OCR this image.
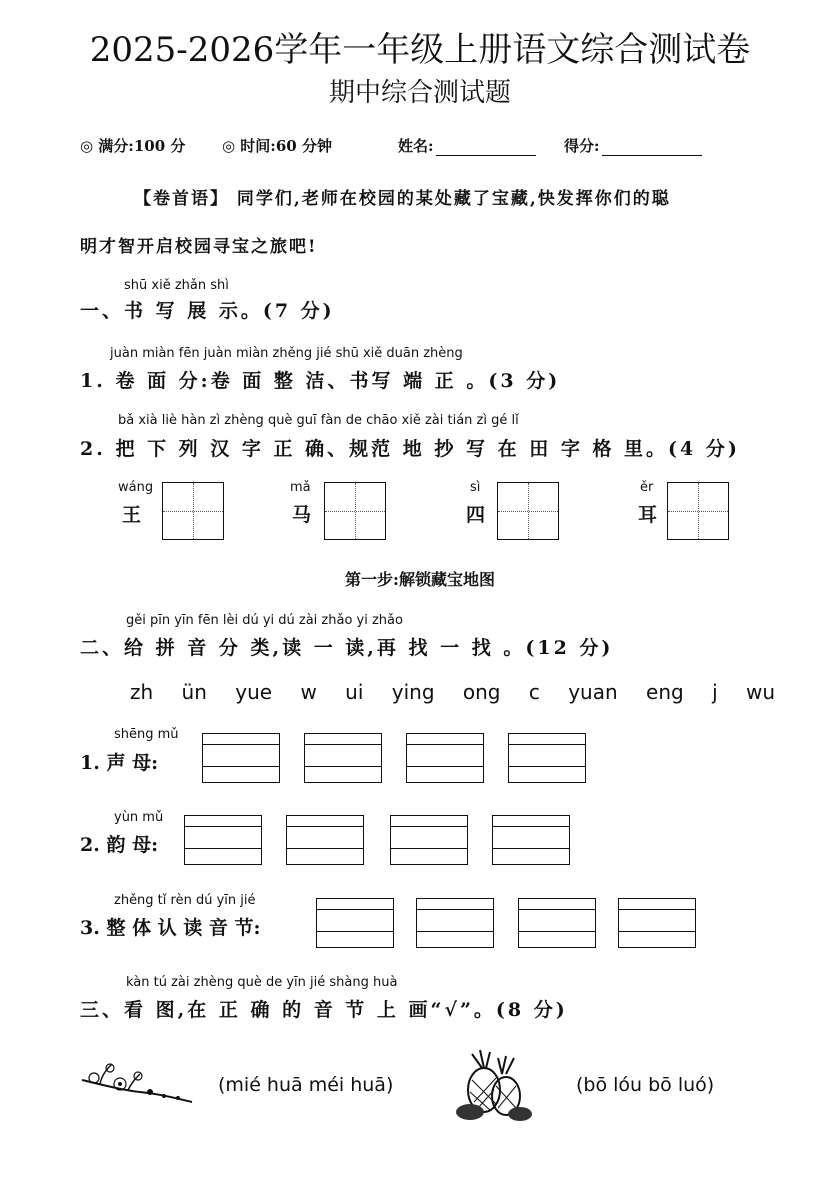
2025-2026学年一年级上册语文综合测试卷
期中综合测试题
◎ 满分:100 分 ◎ 时间:60 分钟	姓名:	得分:
【卷首语】 同学们,老师在校园的某处藏了宝藏,快发挥你们的聪
明才智开启校园寻宝之旅吧!
shū xiě zhǎn shì
一、书 写 展 示。(7 分)
juàn miàn fēn juàn miàn zhěng jié shū xiě duān zhèng
1. 卷 面 分:卷 面 整 洁、书写 端 正 。(3 分)
bǎ xià liè hàn zì zhèng què guī fàn de chāo xiě zài tián zì gé lǐ
2. 把 下 列 汉 字 正 确、规范 地 抄 写 在 田 字 格 里。(4 分)
wáng
王
mǎ
马
sì
四
ěr
耳
第一步:解锁藏宝地图
gěi pīn yīn fēn lèi dú yi dú zài zhǎo yi zhǎo
二、给 拼 音 分 类,读 一 读,再 找 一 找 。(12 分)
zh ün yue w ui ying ong c yuan eng j wu
shēng mǔ
1. 声 母:
yùn mǔ
2. 韵 母:
zhěng tǐ rèn dú yīn jié
3. 整 体 认 读 音 节:
kàn tú zài zhèng què de yīn jié shàng huà
三、看 图,在 正 确 的 音 节 上 画“√”。(8 分)
(mié huā méi huā)	(bō lóu bō luó)
